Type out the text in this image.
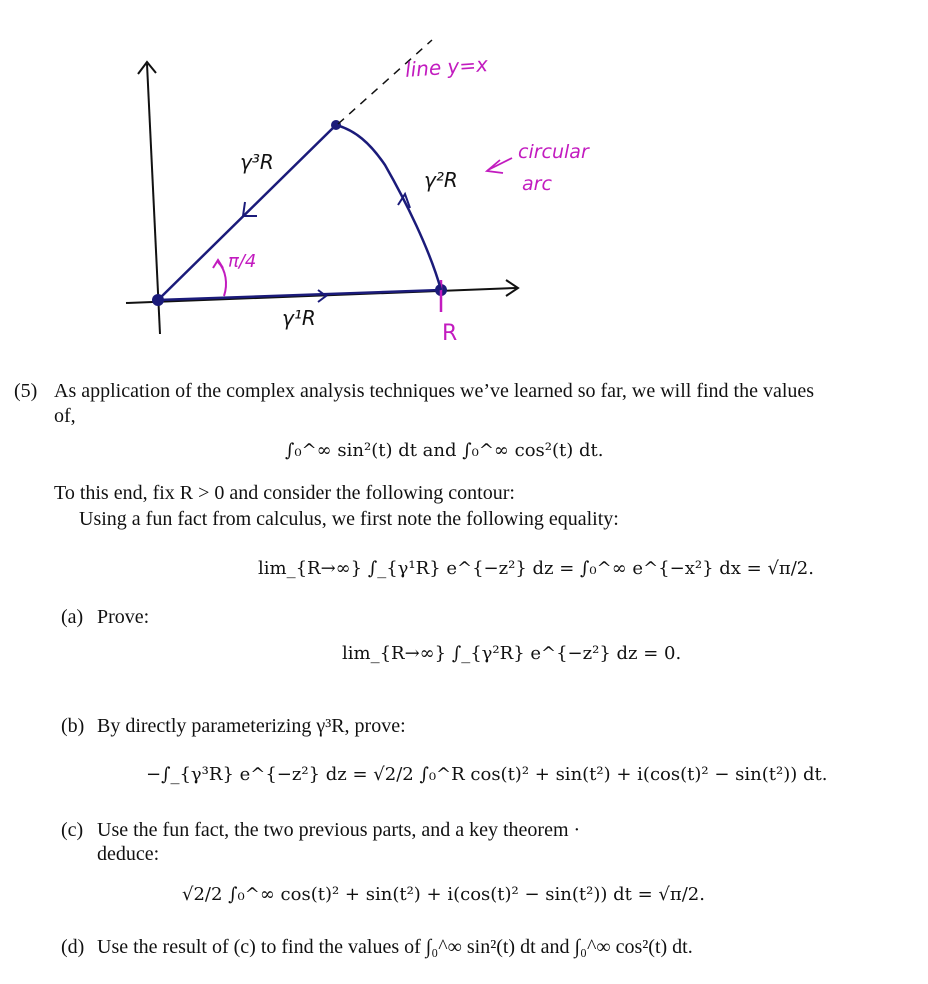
line y=x
circular
arc
π/4
R
γ³R
γ²R
γ¹R
(5) As application of the complex analysis techniques we’ve learned so far, we will find the values
of,
∫₀^∞ sin²(t) dt and ∫₀^∞ cos²(t) dt.
To this end, fix R > 0 and consider the following contour:
Using a fun fact from calculus, we first note the following equality:
lim_{R→∞} ∫_{γ¹R} e^{−z²} dz = ∫₀^∞ e^{−x²} dx = √π/2.
(a) Prove:
lim_{R→∞} ∫_{γ²R} e^{−z²} dz = 0.
(b) By directly parameterizing γ³R, prove:
−∫_{γ³R} e^{−z²} dz = √2/2 ∫₀^R cos(t)² + sin(t²) + i(cos(t)² − sin(t²)) dt.
(c) Use the fun fact, the two previous parts, and a key theorem ·
deduce:
√2/2 ∫₀^∞ cos(t)² + sin(t²) + i(cos(t)² − sin(t²)) dt = √π/2.
(d) Use the result of (c) to find the values of ∫₀^∞ sin²(t) dt and ∫₀^∞ cos²(t) dt.
